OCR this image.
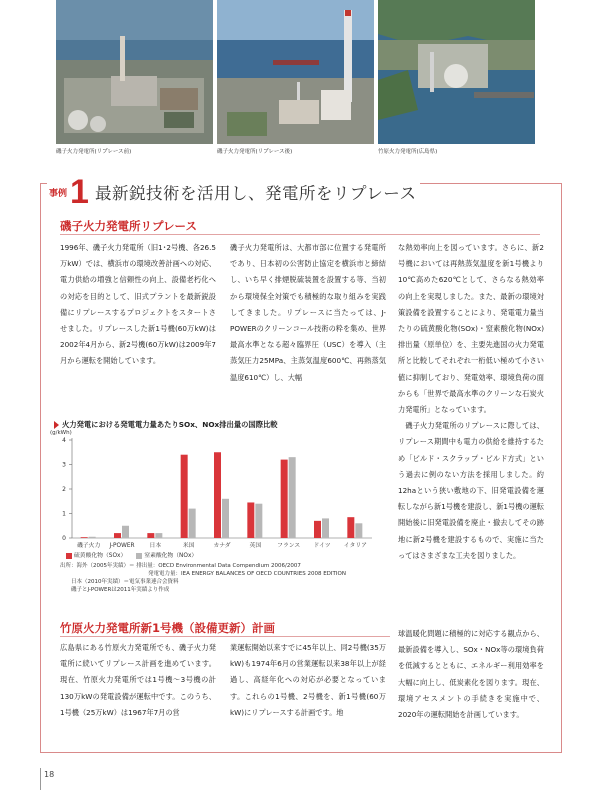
磯子火力発電所(リプレース前)	磯子火力発電所(リプレース後)	竹原火力発電所(広島県)
事例 1 最新鋭技術を活用し、発電所をリプレース
磯子火力発電所リプレース
1996年、磯子火力発電所（旧1･2号機、各26.5万kW）では、横浜市の環境改善計画への対応、電力供給の増強と信頼性の向上、設備老朽化への対応を目的として、旧式プラントを最新鋭設備にリプレースするプロジェクトをスタートさせました。リプレースした新1号機(60万kW)は2002年4月から、新2号機(60万kW)は2009年7月から運転を開始しています。
磯子火力発電所は、大都市部に位置する発電所であり、日本初の公害防止協定を横浜市と締結し、いち早く排煙脱硫装置を設置する等、当初から環境保全対策でも積極的な取り組みを実践してきました。リプレースに当たっては、J-POWERのクリーンコール技術の粋を集め、世界最高水準となる超々臨界圧（USC）を導入（主蒸気圧力25MPa、主蒸気温度600℃、再熱蒸気温度610℃）し、大幅
な熱効率向上を図っています。さらに、新2号機においては再熱蒸気温度を新1号機より10℃高めた620℃として、さらなる熱効率の向上を実現しました。また、最新の環境対策設備を設置することにより、発電電力量当たりの硫黄酸化物(SOx)・窒素酸化物(NOx)排出量（原単位）を、主要先進国の火力発電所と比較してそれぞれ一桁低い極めて小さい値に抑制しており、発電効率、環境負荷の面からも「世界で最高水準のクリーンな石炭火力発電所」となっています。
　磯子火力発電所のリプレースに際しては、リプレース期間中も電力の供給を維持するため「ビルド・スクラップ・ビルド方式」という過去に例のない方法を採用しました。約12haという狭い敷地の下、旧発電設備を運転しながら新1号機を建設し、新1号機の運転開始後に旧発電設備を廃止・撤去してその跡地に新2号機を建設するもので、実施に当たってはさまざまな工夫を図りました。
火力発電における発電電力量あたりSOx、NOx排出量の国際比較
(g/kWh)
0
1
2
3
4
磯子火力 J-POWER	日本	米国	カナダ	英国	フランス ドイツ イタリア
硫黄酸化物（SOx）	窒素酸化物（NOx）
出所：海外（2005年実績）＝ 排出量：OECD Environmental Data Compendium 2006/2007
　　　　　　　　　　　　　　　　発電電力量：IEA ENERGY BALANCES OF OECD COUNTRIES 2008 EDITION
　　日本（2010年実績）＝電気事業連合会資料
　　磯子とJ-POWERは2011年実績より作成
竹原火力発電所新1号機（設備更新）計画
広島県にある竹原火力発電所でも、磯子火力発電所に続いてリプレース計画を進めています。現在、竹原火力発電所では1号機～3号機の計130万kWの発電設備が運転中です。このうち、1号機（25万kW）は1967年7月の営
業運転開始以来すでに45年以上、同2号機(35万kW)も1974年6月の営業運転以来38年以上が経過し、高経年化への対応が必要となっています。これらの1号機、2号機を、新1号機(60万kW)にリプレースする計画です。地
球温暖化問題に積極的に対応する観点から、最新設備を導入し、SOx・NOx等の環境負荷を低減するとともに、エネルギー利用効率を大幅に向上し、低炭素化を図ります。現在、環境アセスメントの手続きを実施中で、2020年の運転開始を計画しています。
18
